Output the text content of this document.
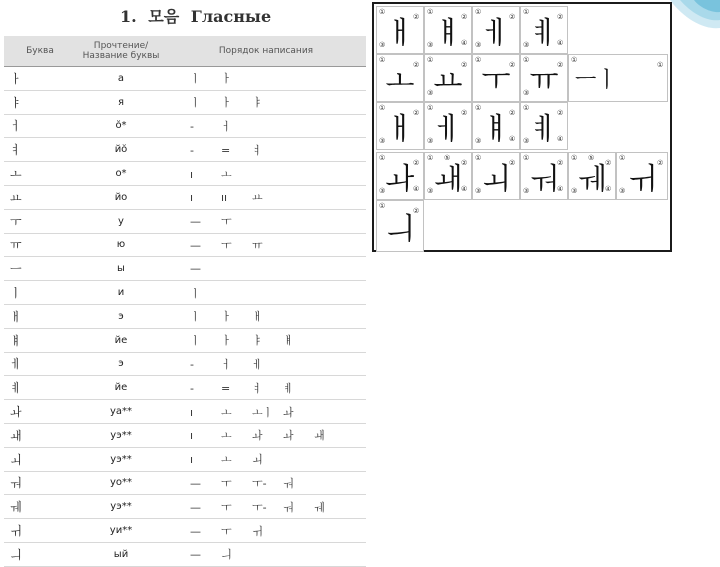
1. 모음 Гласные
Буква	Прочтение/ Название буквы	Порядок написания
ㅏ	а	ㅣ ㅏ
ㅑ	я	ㅣ ㅏ ㅑ
ㅓ	ŏ*	- ㅓ
ㅕ	йŏ	- = ㅕ
ㅗ	о*	ı ㅗ
ㅛ	йо	ı ıı ㅛ
ㅜ	у	— ㅜ
ㅠ	ю	— ㅜ ㅠ
ㅡ	ы	—
ㅣ	и	ㅣ
ㅐ	э	ㅣ ㅏ ㅐ
ㅒ	йе	ㅣ ㅏ ㅑ ㅒ
ㅔ	э	- ㅓ ㅔ
ㅖ	йе	- = ㅕ ㅖ
ㅘ	уа**	ı ㅗ ㅗㅣ ㅘ
ㅙ	уэ**	ı ㅗ ㅘ ㅘ ㅙ
ㅚ	уэ**	ı ㅗ ㅚ
ㅝ	уо**	— ㅜ ㅜ- ㅝ
ㅞ	уэ**	— ㅜ ㅜ- ㅝ ㅞ
ㅟ	уи**	— ㅜ ㅟ
ㅢ	ый	— ㅢ
ㅐ
①
②
③ ㅒ
①
②
③	④ ㅔ
①
②
③ ㅖ
①
②
③	④
ㅗ
①
② ㅛ
①
②
③ ㅜ
①
② ㅠ
①
②
③
ㅡㅣ
①
①
ㅐ
①
②
③ ㅔ
①
②
③ ㅒ
①
②
③	④ ㅖ
①
②
③	④
ㅘ
①
②
③	④ ㅙ
①
②
③	④
⑤
ㅚ
①
②
③ ㅝ
①
②
③	④ ㅞ
①
②
③	④
⑤
ㅟ
①
②
③
ㅢ
①
②
